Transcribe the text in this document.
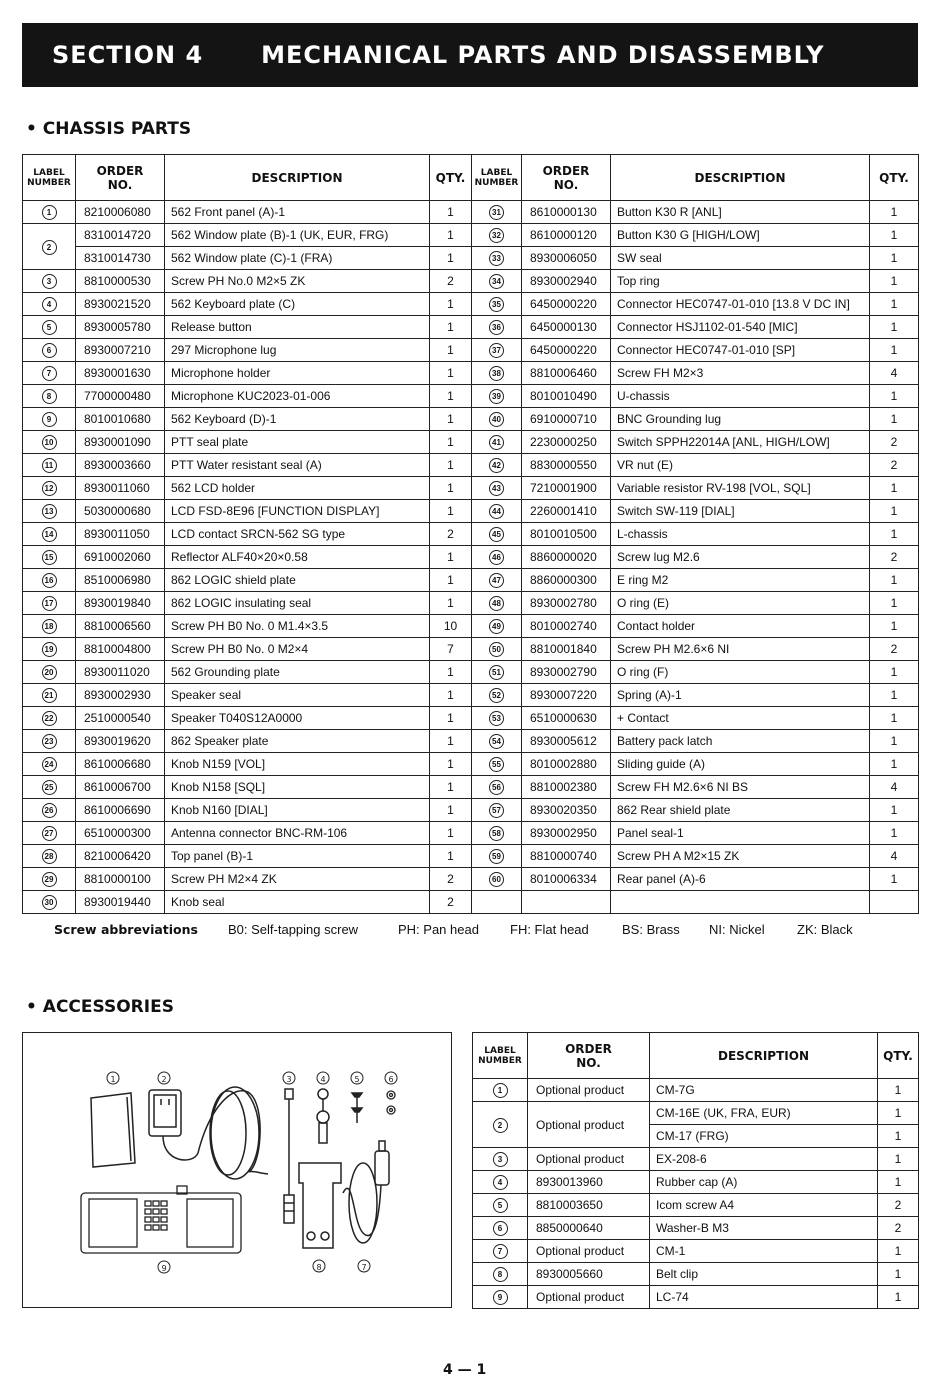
SECTION 4 MECHANICAL PARTS AND DISASSEMBLY
• CHASSIS PARTS
LABEL
NUMBER	ORDER
NO.	DESCRIPTION	QTY.	LABEL
NUMBER	ORDER
NO.	DESCRIPTION	QTY.
1	8210006080	562 Front panel (A)-1	1	31	8610000130	Button K30 R [ANL]	1
2	8310014720	562 Window plate (B)-1 (UK, EUR, FRG)	1	32	8610000120	Button K30 G [HIGH/LOW]	1
	8310014730	562 Window plate (C)-1 (FRA)	1	33	8930006050	SW seal	1
3	8810000530	Screw PH No.0 M2×5 ZK	2	34	8930002940	Top ring	1
4	8930021520	562 Keyboard plate (C)	1	35	6450000220	Connector HEC0747-01-010 [13.8 V DC IN]	1
5	8930005780	Release button	1	36	6450000130	Connector HSJ1102-01-540 [MIC]	1
6	8930007210	297 Microphone lug	1	37	6450000220	Connector HEC0747-01-010 [SP]	1
7	8930001630	Microphone holder	1	38	8810006460	Screw FH M2×3	4
8	7700000480	Microphone KUC2023-01-006	1	39	8010010490	U-chassis	1
9	8010010680	562 Keyboard (D)-1	1	40	6910000710	BNC Grounding lug	1
10	8930001090	PTT seal plate	1	41	2230000250	Switch SPPH22014A [ANL, HIGH/LOW]	2
11	8930003660	PTT Water resistant seal (A)	1	42	8830000550	VR nut (E)	2
12	8930011060	562 LCD holder	1	43	7210001900	Variable resistor RV-198 [VOL, SQL]	1
13	5030000680	LCD FSD-8E96 [FUNCTION DISPLAY]	1	44	2260001410	Switch SW-119 [DIAL]	1
14	8930011050	LCD contact SRCN-562 SG type	2	45	8010010500	L-chassis	1
15	6910002060	Reflector ALF40×20×0.58	1	46	8860000020	Screw lug M2.6	2
16	8510006980	862 LOGIC shield plate	1	47	8860000300	E ring M2	1
17	8930019840	862 LOGIC insulating seal	1	48	8930002780	O ring (E)	1
18	8810006560	Screw PH B0 No. 0 M1.4×3.5	10	49	8010002740	Contact holder	1
19	8810004800	Screw PH B0 No. 0 M2×4	7	50	8810001840	Screw PH M2.6×6 NI	2
20	8930011020	562 Grounding plate	1	51	8930002790	O ring (F)	1
21	8930002930	Speaker seal	1	52	8930007220	Spring (A)-1	1
22	2510000540	Speaker T040S12A0000	1	53	6510000630	+ Contact	1
23	8930019620	862 Speaker plate	1	54	8930005612	Battery pack latch	1
24	8610006680	Knob N159 [VOL]	1	55	8010002880	Sliding guide (A)	1
25	8610006700	Knob N158 [SQL]	1	56	8810002380	Screw FH M2.6×6 NI BS	4
26	8610006690	Knob N160 [DIAL]	1	57	8930020350	862 Rear shield plate	1
27	6510000300	Antenna connector BNC-RM-106	1	58	8930002950	Panel seal-1	1
28	8210006420	Top panel (B)-1	1	59	8810000740	Screw PH A M2×15 ZK	4
29	8810000100	Screw PH M2×4 ZK	2	60	8010006334	Rear panel (A)-6	1
30	8930019440	Knob seal	2				
Screw abbreviations	B0: Self-tapping screw	PH: Pan head	FH: Flat head	BS: Brass	NI: Nickel	ZK: Black
• ACCESSORIES
1	2	3	4	5	6
9	8	7
LABEL
NUMBER	ORDER
NO.	DESCRIPTION	QTY.
1	Optional product	CM-7G	1
2	Optional product	CM-16E (UK, FRA, EUR)	1
		CM-17 (FRG)	1
3	Optional product	EX-208-6	1
4	8930013960	Rubber cap (A)	1
5	8810003650	Icom screw A4	2
6	8850000640	Washer-B M3	2
7	Optional product	CM-1	1
8	8930005660	Belt clip	1
9	Optional product	LC-74	1
4 — 1
